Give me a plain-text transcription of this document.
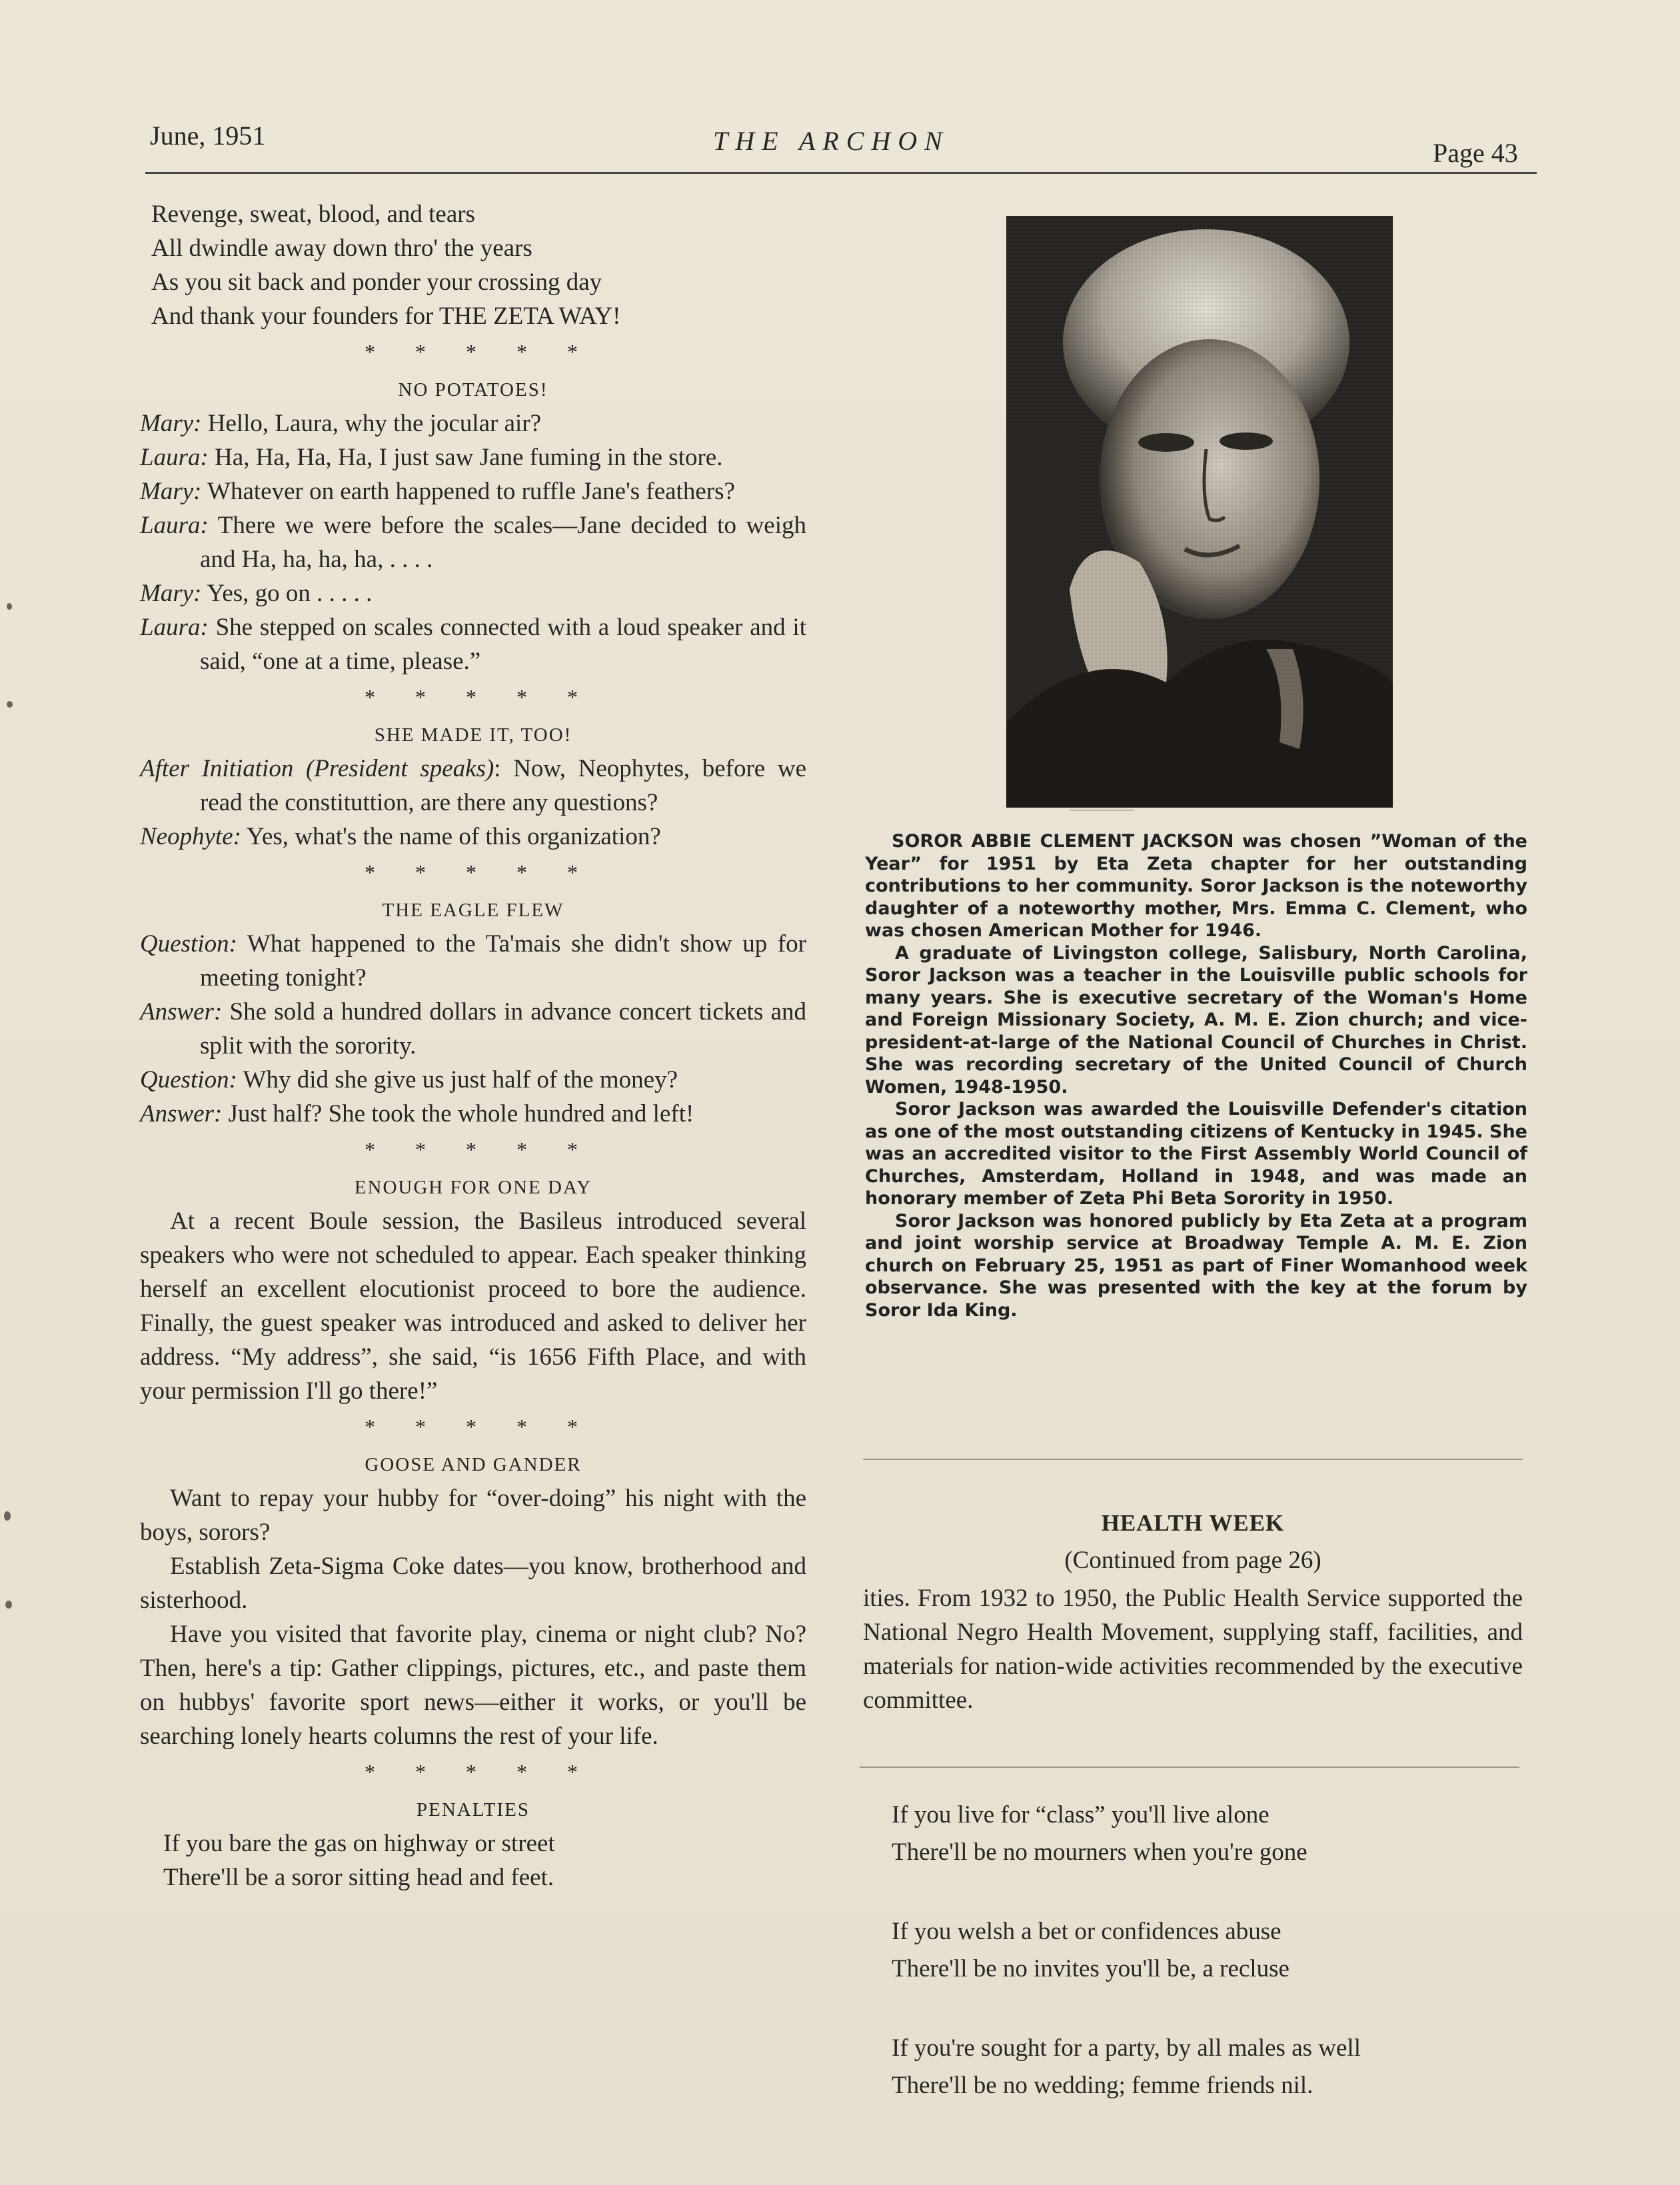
June, 1951	THE ARCHON	Page 43
Revenge, sweat, blood, and tears
All dwindle away down thro' the years
As you sit back and ponder your crossing day
And thank your founders for THE ZETA WAY!
* * * * *
NO POTATOES!
Mary: Hello, Laura, why the jocular air?
Laura: Ha, Ha, Ha, Ha, I just saw Jane fuming in the store.
Mary: Whatever on earth happened to ruffle Jane's feathers?
Laura: There we were before the scales—Jane decided to weigh and Ha, ha, ha, ha, . . . .
Mary: Yes, go on . . . . .
Laura: She stepped on scales connected with a loud speaker and it said, “one at a time, please.”
* * * * *
SHE MADE IT, TOO!
After Initiation (President speaks): Now, Neophytes, before we read the constituttion, are there any questions?
Neophyte: Yes, what's the name of this organization?
* * * * *
THE EAGLE FLEW
Question: What happened to the Ta'mais she didn't show up for meeting tonight?
Answer: She sold a hundred dollars in advance concert tickets and split with the sorority.
Question: Why did she give us just half of the money?
Answer: Just half? She took the whole hundred and left!
* * * * *
ENOUGH FOR ONE DAY
At a recent Boule session, the Basileus introduced several speakers who were not scheduled to appear. Each speaker thinking herself an excellent elocutionist proceed to bore the audience. Finally, the guest speaker was introduced and asked to deliver her address. “My address”, she said, “is 1656 Fifth Place, and with your permission I'll go there!”
* * * * *
GOOSE AND GANDER
Want to repay your hubby for “over-doing” his night with the boys, sorors?
Establish Zeta-Sigma Coke dates—you know, brotherhood and sisterhood.
Have you visited that favorite play, cinema or night club? No? Then, here's a tip: Gather clippings, pictures, etc., and paste them on hubbys' favorite sport news—either it works, or you'll be searching lonely hearts columns the rest of your life.
* * * * *
PENALTIES
If you bare the gas on highway or street
There'll be a soror sitting head and feet.

SOROR ABBIE CLEMENT JACKSON was chosen ”Woman of the Year” for 1951 by Eta Zeta chapter for her outstanding contributions to her community. Soror Jackson is the noteworthy daughter of a noteworthy mother, Mrs. Emma C. Clement, who was chosen American Mother for 1946.

A graduate of Livingston college, Salisbury, North Carolina, Soror Jackson was a teacher in the Louisville public schools for many years. She is executive secretary of the Woman's Home and Foreign Missionary Society, A. M. E. Zion church; and vice-president-at-large of the National Council of Churches in Christ. She was recording secretary of the United Council of Church Women, 1948-1950.

Soror Jackson was awarded the Louisville Defender's citation as one of the most outstanding citizens of Kentucky in 1945. She was an accredited visitor to the First Assembly World Council of Churches, Amsterdam, Holland in 1948, and was made an honorary member of Zeta Phi Beta Sorority in 1950.

Soror Jackson was honored publicly by Eta Zeta at a program and joint worship service at Broadway Temple A. M. E. Zion church on February 25, 1951 as part of Finer Womanhood week observance. She was presented with the key at the forum by Soror Ida King.

HEALTH WEEK
(Continued from page 26)
ities. From 1932 to 1950, the Public Health Service supported the National Negro Health Movement, supplying staff, facilities, and materials for nation-wide activities recommended by the executive committee.
If you live for “class” you'll live alone
There'll be no mourners when you're gone
If you welsh a bet or confidences abuse
There'll be no invites you'll be, a recluse
If you're sought for a party, by all males as well
There'll be no wedding; femme friends nil.
